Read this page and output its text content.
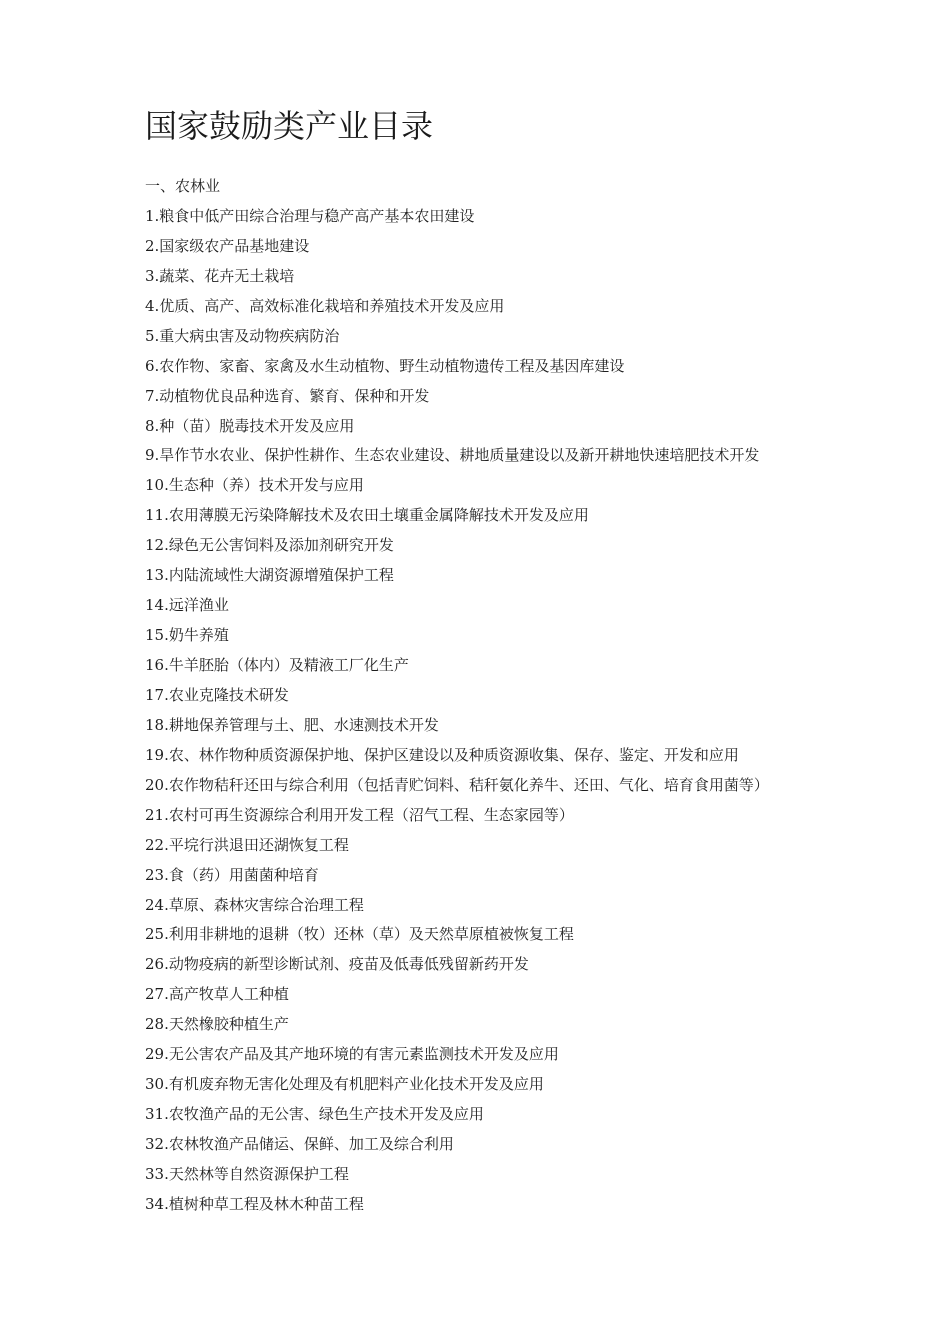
国家鼓励类产业目录
一、农林业
1.粮食中低产田综合治理与稳产高产基本农田建设
2.国家级农产品基地建设
3.蔬菜、花卉无土栽培
4.优质、高产、高效标准化栽培和养殖技术开发及应用
5.重大病虫害及动物疾病防治
6.农作物、家畜、家禽及水生动植物、野生动植物遗传工程及基因库建设
7.动植物优良品种选育、繁育、保种和开发
8.种（苗）脱毒技术开发及应用
9.旱作节水农业、保护性耕作、生态农业建设、耕地质量建设以及新开耕地快速培肥技术开发
10.生态种（养）技术开发与应用
11.农用薄膜无污染降解技术及农田土壤重金属降解技术开发及应用
12.绿色无公害饲料及添加剂研究开发
13.内陆流域性大湖资源增殖保护工程
14.远洋渔业
15.奶牛养殖
16.牛羊胚胎（体内）及精液工厂化生产
17.农业克隆技术研发
18.耕地保养管理与土、肥、水速测技术开发
19.农、林作物种质资源保护地、保护区建设以及种质资源收集、保存、鉴定、开发和应用
20.农作物秸秆还田与综合利用（包括青贮饲料、秸秆氨化养牛、还田、气化、培育食用菌等）
21.农村可再生资源综合利用开发工程（沼气工程、生态家园等）
22.平垸行洪退田还湖恢复工程
23.食（药）用菌菌种培育
24.草原、森林灾害综合治理工程
25.利用非耕地的退耕（牧）还林（草）及天然草原植被恢复工程
26.动物疫病的新型诊断试剂、疫苗及低毒低残留新药开发
27.高产牧草人工种植
28.天然橡胶种植生产
29.无公害农产品及其产地环境的有害元素监测技术开发及应用
30.有机废弃物无害化处理及有机肥料产业化技术开发及应用
31.农牧渔产品的无公害、绿色生产技术开发及应用
32.农林牧渔产品储运、保鲜、加工及综合利用
33.天然林等自然资源保护工程
34.植树种草工程及林木种苗工程
